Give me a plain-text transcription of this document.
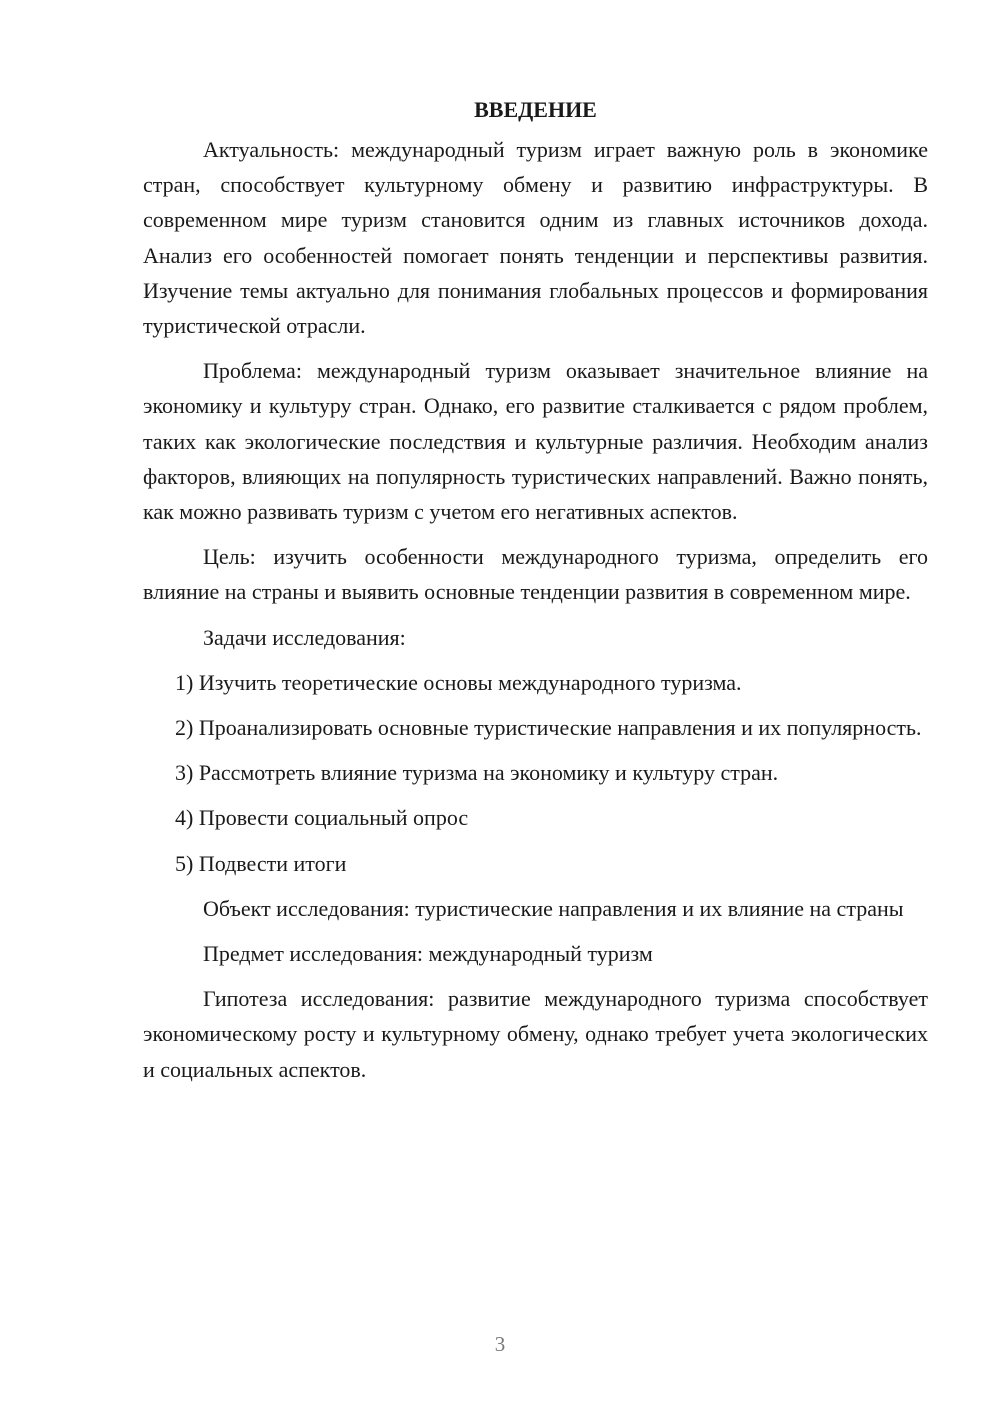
ВВЕДЕНИЕ

Актуальность: международный туризм играет важную роль в экономике стран, способствует культурному обмену и развитию инфраструктуры. В современном мире туризм становится одним из главных источников дохода. Анализ его особенностей помогает понять тенденции и перспективы развития. Изучение темы актуально для понимания глобальных процессов и формирования туристической отрасли.

Проблема: международный туризм оказывает значительное влияние на экономику и культуру стран. Однако, его развитие сталкивается с рядом проблем, таких как экологические последствия и культурные различия. Необходим анализ факторов, влияющих на популярность туристических направлений. Важно понять, как можно развивать туризм с учетом его негативных аспектов.

Цель: изучить особенности международного туризма, определить его влияние на страны и выявить основные тенденции развития в современном мире.

Задачи исследования:

1) Изучить теоретические основы международного туризма.

2) Проанализировать основные туристические направления и их популярность.

3) Рассмотреть влияние туризма на экономику и культуру стран.

4) Провести социальный опрос

5) Подвести итоги

Объект исследования: туристические направления и их влияние на страны

Предмет исследования: международный туризм

Гипотеза исследования: развитие международного туризма способствует экономическому росту и культурному обмену, однако требует учета экологических и социальных аспектов.

3
